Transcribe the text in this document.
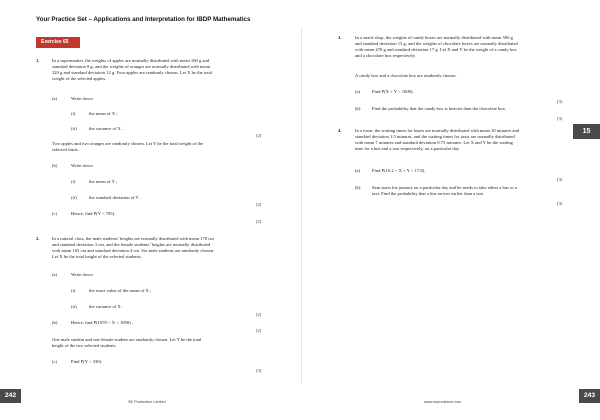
Your Practice Set – Applications and Interpretation for IBDP Mathematics
Exercise 65
1.	In a supermarket, the weights of apples are normally distributed with mean 160 g and
standard deviation 8 g, and the weights of oranges are normally distributed with mean
220 g and standard deviation 12 g. Four apples are randomly chosen. Let X be the total
weight of the selected apples.
(a)	Write down
(i)	the mean of X ;
(ii)	the variance of X .
[2]
Two apples and two oranges are randomly chosen. Let Y be the total weight of the
selected fruits.
(b)	Write down
(i)	the mean of Y ;
(ii)	the standard deviation of Y .
[2]
(c)	Hence, find P(Y < 795).
[2]
2.	In a tutorial class, the male students’ heights are normally distributed with mean 178 cm
and standard deviation 3 cm, and the female students’ heights are normally distributed
with mean 165 cm and standard deviation 4 cm. Six male students are randomly chosen.
Let X be the total height of the selected students.
(a)	Write down
(i)	the exact value of the mean of X ;
(ii)	the variance of X .
[2]
(b)	Hence, find P(1070 < X < 1090) .
[2]
One male student and one female student are randomly chosen. Let Y be the total
height of the two selected students.
(c)	Find P(Y > 330).
[3]
3.	In a snack shop, the weights of candy boxes are normally distributed with mean 500 g
and standard deviation 13 g, and the weights of chocolate boxes are normally distributed
with mean 470 g and standard deviation 17 g. Let X and Y be the weight of a candy box
and a chocolate box respectively.
A candy box and a chocolate box are randomly chosen.
(a)	Find P(X + Y > 1000).
[3]
(b)	Find the probability that the candy box is heavier than the chocolate box.
[3]
4.	In a town, the waiting times for buses are normally distributed with mean 10 minutes and
standard deviation 1.5 minutes, and the waiting times for taxis are normally distributed
with mean 7 minutes and standard deviation 0.75 minutes. Let X and Y be the waiting
time for a bus and a taxi respectively, on a particular day.
(a)	Find P(16.2 < X + Y < 17.8).
[3]
(b)	Sam starts his journey on a particular day and he needs to take either a bus or a
taxi. Find the probability that a bus arrives earlier than a taxi.
[3]
15
242	243
SE Production Limited	www.seprodstore.com
